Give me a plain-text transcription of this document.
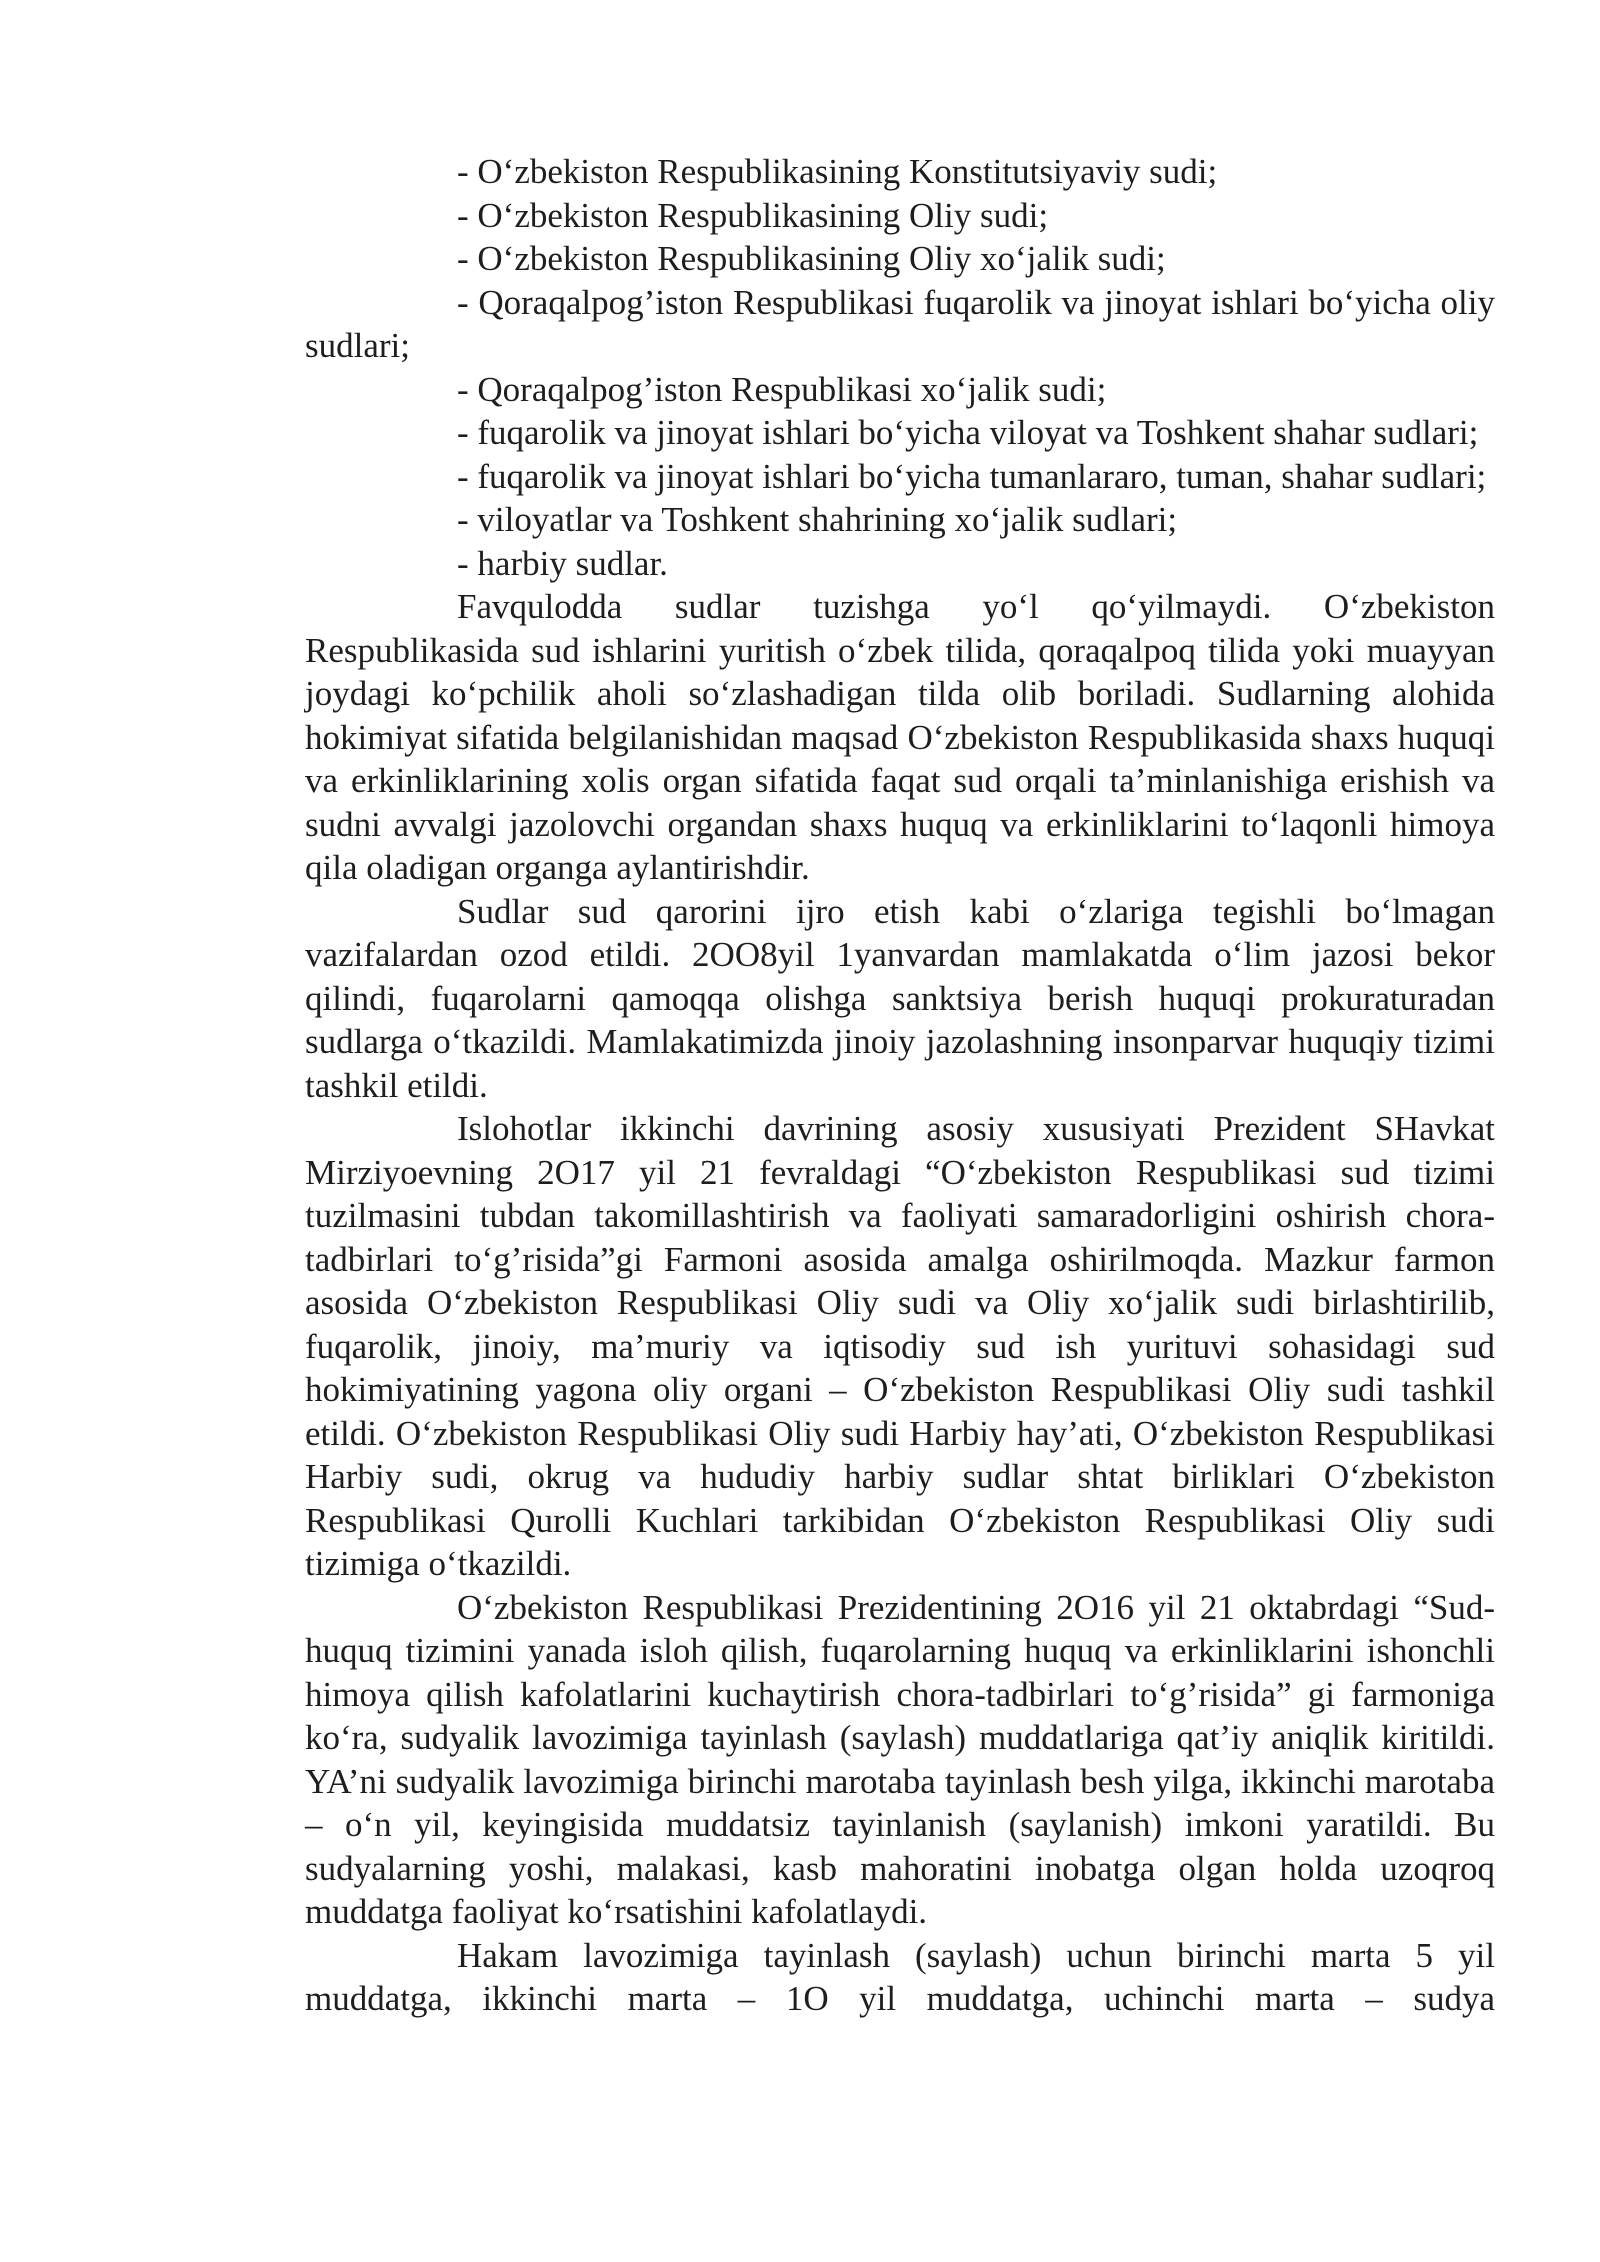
- O‘zbekiston Respublikasining Konstitutsiyaviy sudi;

- O‘zbekiston Respublikasining Oliy sudi;

- O‘zbekiston Respublikasining Oliy xo‘jalik sudi;

- Qoraqalpog’iston Respublikasi fuqarolik va jinoyat ishlari bo‘yicha oliy sudlari;

- Qoraqalpog’iston Respublikasi xo‘jalik sudi;

- fuqarolik va jinoyat ishlari bo‘yicha viloyat va Toshkent shahar sudlari;

- fuqarolik va jinoyat ishlari bo‘yicha tumanlararo, tuman, shahar sudlari;

- viloyatlar va Toshkent shahrining xo‘jalik sudlari;

- harbiy sudlar.

Favqulodda sudlar tuzishga yo‘l qo‘yilmaydi. O‘zbekiston Respublikasida sud ishlarini yuritish o‘zbek tilida, qoraqalpoq tilida yoki muayyan joydagi ko‘pchilik aholi so‘zlashadigan tilda olib boriladi. Sudlarning alohida hokimiyat sifatida belgilanishidan maqsad O‘zbekiston Respublikasida shaxs huquqi va erkinliklarining xolis organ sifatida faqat sud orqali ta’minlanishiga erishish va sudni avvalgi jazolovchi organdan shaxs huquq va erkinliklarini to‘laqonli himoya qila oladigan organga aylantirishdir.

Sudlar sud qarorini ijro etish kabi o‘zlariga tegishli bo‘lmagan vazifalardan ozod etildi. 2OO8yil 1yanvardan mamlakatda o‘lim jazosi bekor qilindi, fuqarolarni qamoqqa olishga sanktsiya berish huquqi prokuraturadan sudlarga o‘tkazildi. Mamlakatimizda jinoiy jazolashning insonparvar huquqiy tizimi tashkil etildi.

Islohotlar ikkinchi davrining asosiy xususiyati Prezident SHavkat Mirziyoevning 2O17 yil 21 fevraldagi “O‘zbekiston Respublikasi sud tizimi tuzilmasini tubdan takomillashtirish va faoliyati samaradorligini oshirish chora-tadbirlari to‘g’risida”gi Farmoni asosida amalga oshirilmoqda. Mazkur farmon asosida O‘zbekiston Respublikasi Oliy sudi va Oliy xo‘jalik sudi birlashtirilib, fuqarolik, jinoiy, ma’muriy va iqtisodiy sud ish yurituvi sohasidagi sud hokimiyatining yagona oliy organi – O‘zbekiston Respublikasi Oliy sudi tashkil etildi. O‘zbekiston Respublikasi Oliy sudi Harbiy hay’ati, O‘zbekiston Respublikasi Harbiy sudi, okrug va hududiy harbiy sudlar shtat birliklari O‘zbekiston Respublikasi Qurolli Kuchlari tarkibidan O‘zbekiston Respublikasi Oliy sudi tizimiga o‘tkazildi.

O‘zbekiston Respublikasi Prezidentining 2O16 yil 21 oktabrdagi “Sud-huquq tizimini yanada isloh qilish, fuqarolarning huquq va erkinliklarini ishonchli himoya qilish kafolatlarini kuchaytirish chora-tadbirlari to‘g’risida” gi farmoniga ko‘ra, sudyalik lavozimiga tayinlash (saylash) muddatlariga qat’iy aniqlik kiritildi. YA’ni sudyalik lavozimiga birinchi marotaba tayinlash besh yilga, ikkinchi marotaba – o‘n yil, keyingisida muddatsiz tayinlanish (saylanish) imkoni yaratildi. Bu sudyalarning yoshi, malakasi, kasb mahoratini inobatga olgan holda uzoqroq muddatga faoliyat ko‘rsatishini kafolatlaydi.

Hakam lavozimiga tayinlash (saylash) uchun birinchi marta 5 yil muddatga, ikkinchi marta – 1O yil muddatga, uchinchi marta – sudya
